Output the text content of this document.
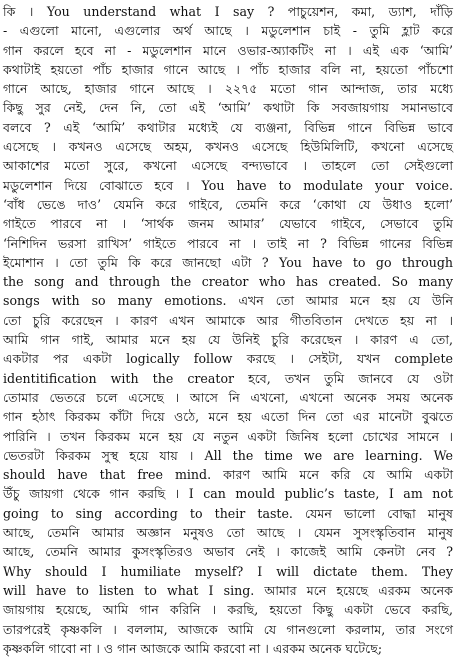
কি । You understand what I say ? পাচুয়েশন, কমা, ড্যাশ, দাঁড়ি
- এগুলো মানো, এগুলোর অর্থ আছে । মডুলেশান চাই - তুমি হ্লাট করে
গান করলে হবে না - মডুলেশান মানে ওভার-অ্যাকটিং না । এই এক ‘আমি’
কথাটাই হয়তো পাঁচ হাজার গানে আছে । পাঁচ হাজার বলি না, হয়তো পাঁচশো
গানে আছে, হাজার গানে আছে । ২২৭৫ মতো গান আন্দাজ, তার মধ্যে
কিছু সুর নেই, দেন নি, তো এই ‘আমি’ কথাটা কি সবজায়গায় সমানভাবে
বলবে ? এই ‘আমি’ কথাটার মধ্যেই যে ব্যঞ্জনা, বিভিন্ন গানে বিভিন্ন ভাবে
এসেছে । কখনও এসেছে অহম, কখনও এসেছে হিউমিলিটি, কখনো এসেছে
আকাশের মতো সুরে, কখনো এসেছে বন্দ্যভাবে । তাহলে তো সেইগুলো
মডুলেশান দিয়ে বোঝাতে হবে । You have to modulate your voice.
‘বাঁধ ভেঙে দাও’ যেমনি করে গাইবে, তেমনি করে ‘কোথা যে উধাও হলো’
গাইতে পারবে না । ‘সার্থক জনম আমার’ যেভাবে গাইবে, সেভাবে তুমি
‘নিশিদিন ভরসা রাখিস’ গাইতে পারবে না । তাই না ? বিভিন্ন গানের বিভিন্ন
ইমোশান । তো তুমি কি করে জানছো এটা ? You have to go through
the song and through the creator who has created. So many
songs with so many emotions. এখন তো আমার মনে হয় যে উনি
তো চুরি করেছেন । কারণ এখন আমাকে আর গীতবিতান দেখতে হয় না ।
আমি গান গাই, আমার মনে হয় যে উনিই চুরি করেছেন । কারণ এ তো,
একটার পর একটা logically follow করছে । সেইটা, যখন complete
identitification with the creator হবে, তখন তুমি জানবে যে ওটা
তোমার ভেতরে চলে এসেছে । আসে নি এখনো, এখনো অনেক সময় অনেক
গান হঠাৎ কিরকম কাঁটা দিয়ে ওঠে, মনে হয় এতো দিন তো এর মানেটা বুঝতে
পারিনি । তখন কিরকম মনে হয় যে নতুন একটা জিনিষ হলো চোখের সামনে ।
ভেতরটা কিরকম সুস্থ হয়ে যায় । All the time we are learning. We
should have that free mind. কারণ আমি মনে করি যে আমি একটা
উঁচু জায়গা থেকে গান করছি । I can mould public’s taste, I am not
going to sing according to their taste. যেমন ভালো বোদ্ধা মানুষ
আছে, তেমনি আমার অজ্ঞান মনুষও তো আছে । যেমন সুসংস্কৃতিবান মানুষ
আছে, তেমনি আমার কুসংস্কৃতিরও অভাব নেই । কাজেই আমি কেনটা নেব ?
Why should I humiliate myself? I will dictate them. They
will have to listen to what I sing. আমার মনে হয়েছে এরকম অনেক
জায়গায় হয়েছে, আমি গান করিনি । করছি, হয়তো কিছু একটা ভেবে করছি,
তারপরেই কৃষ্ণকলি । বললাম, আজকে আমি যে গানগুলো করলাম, তার সংগে
কৃষ্ণকলি গাবো না । ও গান আজকে আমি করবো না । এরকম অনেক ঘটেছে;
